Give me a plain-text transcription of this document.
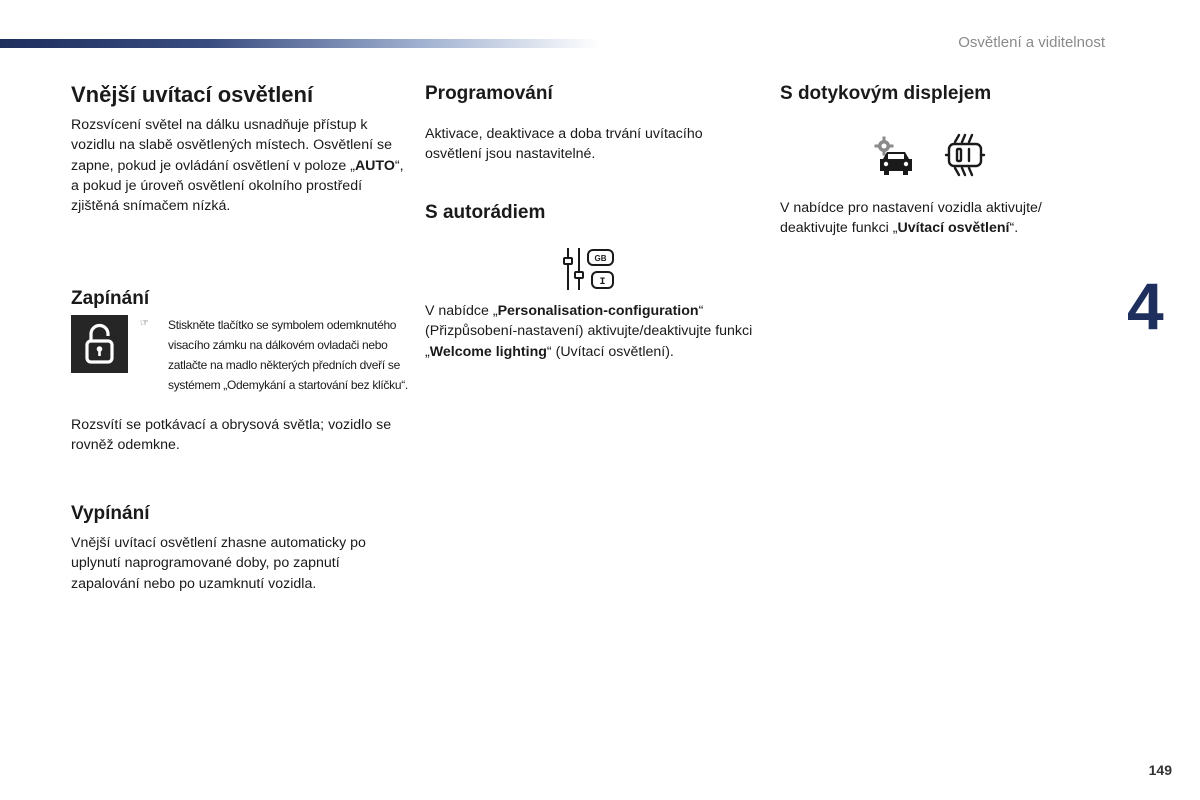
Osvětlení a viditelnost
Vnější uvítací osvětlení

Rozsvícení světel na dálku usnadňuje přístup k vozidlu na slabě osvětlených místech. Osvětlení se zapne, pokud je ovládání osvětlení v poloze „AUTO“, a pokud je úroveň osvětlení okolního prostředí zjištěná snímačem nízká.

Zapínání
☞ Stiskněte tlačítko se symbolem odemknutého visacího zámku na dálkovém ovladači nebo zatlačte na madlo některých předních dveří se systémem „Odemykání a startování bez klíčku“.

Rozsvítí se potkávací a obrysová světla; vozidlo se rovněž odemkne.

Vypínání

Vnější uvítací osvětlení zhasne automaticky po uplynutí naprogramované doby, po zapnutí zapalování nebo po uzamknutí vozidla.

Programování

Aktivace, deaktivace a doba trvání uvítacího osvětlení jsou nastavitelné.

S autorádiem
GB
I

V nabídce „Personalisation-configuration“ (Přizpůsobení-nastavení) aktivujte/deaktivujte funkci „Welcome lighting“ (Uvítací osvětlení).

S dotykovým displejem

V nabídce pro nastavení vozidla aktivujte/ deaktivujte funkci „Uvítací osvětlení“.

4
149
